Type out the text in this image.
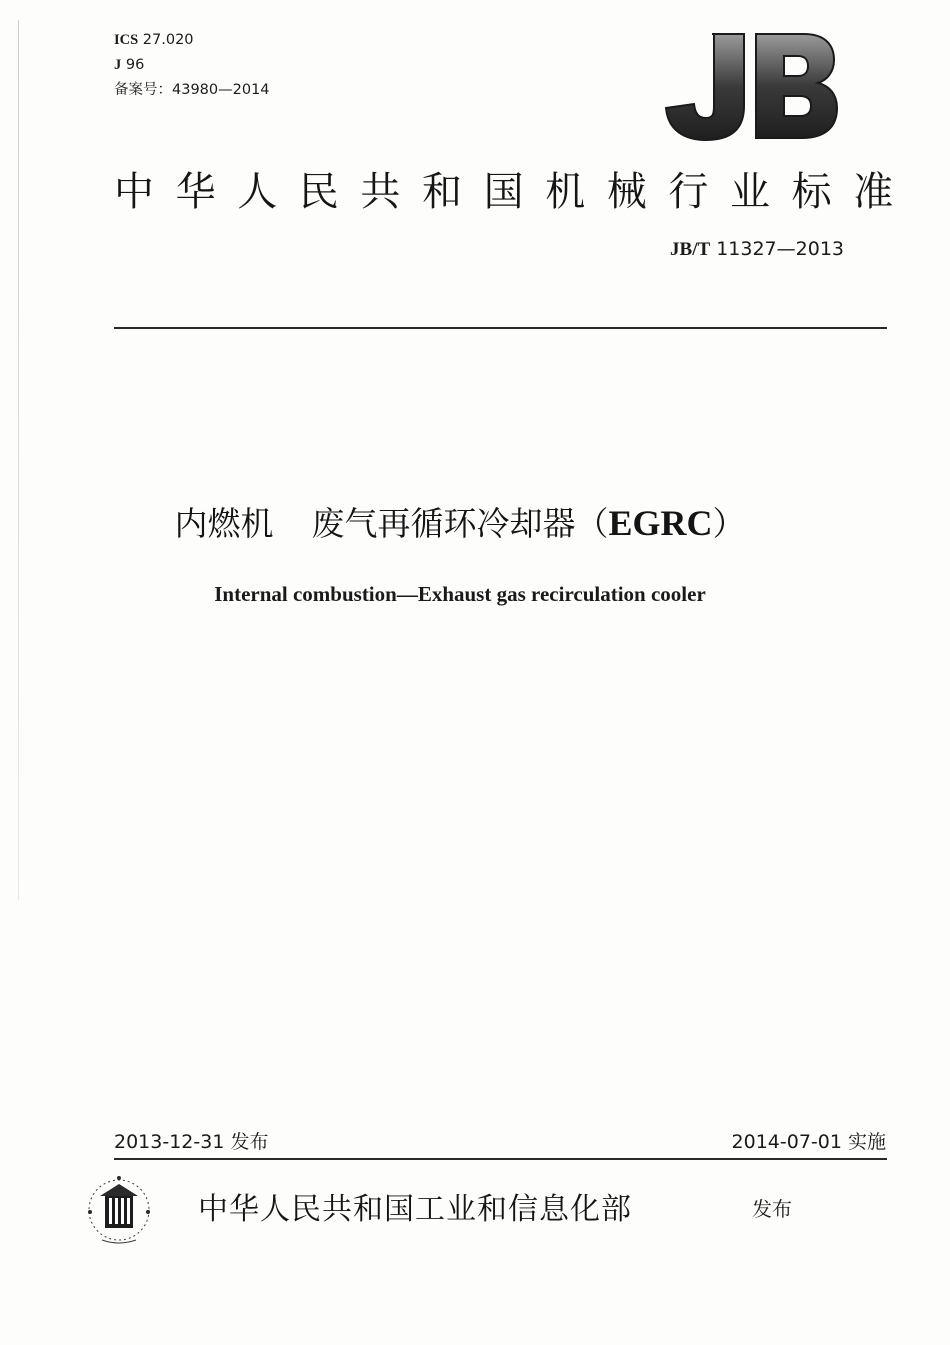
ICS 27.020
J 96
备案号：43980—2014
中华人民共和国机械行业标准
JB/T 11327—2013
内燃机 废气再循环冷却器（EGRC）
Internal combustion—Exhaust gas recirculation cooler
2013-12-31 发布	2014-07-01 实施
中华人民共和国工业和信息化部	发布
